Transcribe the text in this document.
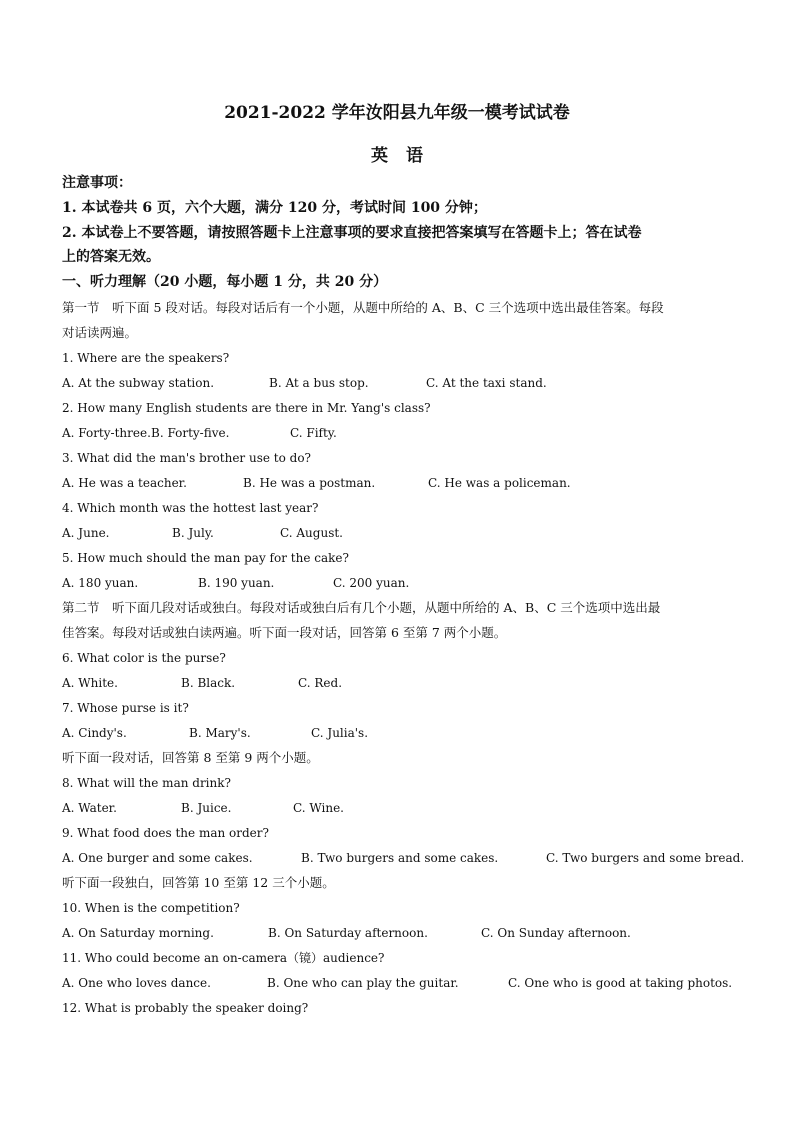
2021-2022 学年汝阳县九年级一模考试试卷
英语
注意事项：
1. 本试卷共 6 页，六个大题，满分 120 分，考试时间 100 分钟；
2. 本试卷上不要答题，请按照答题卡上注意事项的要求直接把答案填写在答题卡上；答在试卷
上的答案无效。
一、听力理解（20 小题，每小题 1 分，共 20 分）
第一节　听下面 5 段对话。每段对话后有一个小题，从题中所给的 A、B、C 三个选项中选出最佳答案。每段
对话读两遍。
1. Where are the speakers?
A. At the subway station.	B. At a bus stop.	C. At the taxi stand.
2. How many English students are there in Mr. Yang's class?
A. Forty-three. B. Forty-five.	C. Fifty.
3. What did the man's brother use to do?
A. He was a teacher.	B. He was a postman.	C. He was a policeman.
4. Which month was the hottest last year?
A. June.	B. July.	C. August.
5. How much should the man pay for the cake?
A. 180 yuan.	B. 190 yuan.	C. 200 yuan.
第二节　听下面几段对话或独白。每段对话或独白后有几个小题，从题中所给的 A、B、C 三个选项中选出最
佳答案。每段对话或独白读两遍。听下面一段对话，回答第 6 至第 7 两个小题。
6. What color is the purse?
A. White.	B. Black.	C. Red.
7. Whose purse is it?
A. Cindy's.	B. Mary's.	C. Julia's.
听下面一段对话，回答第 8 至第 9 两个小题。
8. What will the man drink?
A. Water.	B. Juice.	C. Wine.
9. What food does the man order?
A. One burger and some cakes.	B. Two burgers and some cakes.	C. Two burgers and some bread.
听下面一段独白，回答第 10 至第 12 三个小题。
10. When is the competition?
A. On Saturday morning.	B. On Saturday afternoon.	C. On Sunday afternoon.
11. Who could become an on-camera（镜）audience?
A. One who loves dance.	B. One who can play the guitar.	C. One who is good at taking photos.
12. What is probably the speaker doing?
